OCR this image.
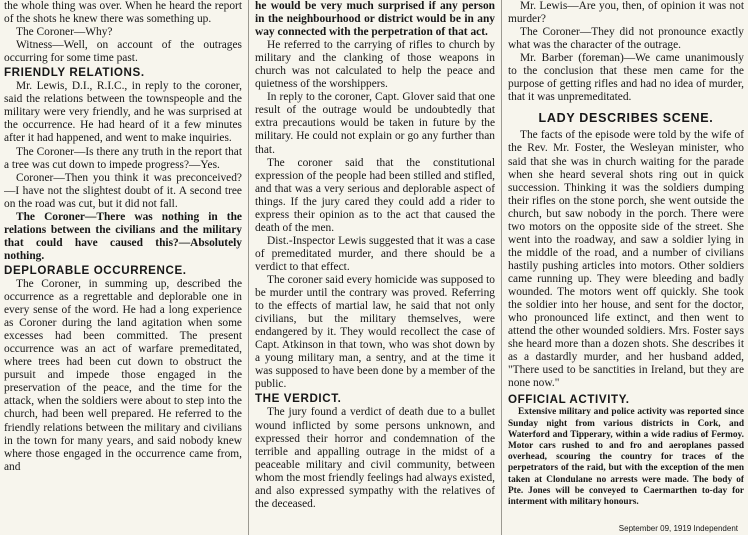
the whole thing was over. When he heard the report of the shots he knew there was something up.

The Coroner—Why?

Witness—Well, on account of the outrages occurring for some time past.

FRIENDLY RELATIONS.

Mr. Lewis, D.I., R.I.C., in reply to the coroner, said the relations between the townspeople and the military were very friendly, and he was surprised at the occurrence. He had heard of it a few minutes after it had happened, and went to make inquiries.

The Coroner—Is there any truth in the report that a tree was cut down to impede progress?—Yes.

Coroner—Then you think it was preconceived?—I have not the slightest doubt of it. A second tree on the road was cut, but it did not fall.

The Coroner—There was nothing in the relations between the civilians and the military that could have caused this?—Absolutely nothing.

DEPLORABLE OCCURRENCE.

The Coroner, in summing up, described the occurrence as a regrettable and deplorable one in every sense of the word. He had a long experience as Coroner during the land agitation when some excesses had been committed. The present occurrence was an act of warfare premeditated, where trees had been cut down to obstruct the pursuit and impede those engaged in the preservation of the peace, and the time for the attack, when the soldiers were about to step into the church, had been well prepared. He referred to the friendly relations between the military and civilians in the town for many years, and said nobody knew where those engaged in the occurrence came from, and

he would be very much surprised if any person in the neighbourhood or district would be in any way connected with the perpetration of that act.

He referred to the carrying of rifles to church by military and the clanking of those weapons in church was not calculated to help the peace and quietness of the worshippers.

In reply to the coroner, Capt. Glover said that one result of the outrage would be undoubtedly that extra precautions would be taken in future by the military. He could not explain or go any further than that.

The coroner said that the constitutional expression of the people had been stilled and stifled, and that was a very serious and deplorable aspect of things. If the jury cared they could add a rider to express their opinion as to the act that caused the death of the men.

Dist.-Inspector Lewis suggested that it was a case of premeditated murder, and there should be a verdict to that effect.

The coroner said every homicide was supposed to be murder until the contrary was proved. Referring to the effects of martial law, he said that not only civilians, but the military themselves, were endangered by it. They would recollect the case of Capt. Atkinson in that town, who was shot down by a young military man, a sentry, and at the time it was supposed to have been done by a member of the public.

THE VERDICT.

The jury found a verdict of death due to a bullet wound inflicted by some persons unknown, and expressed their horror and condemnation of the terrible and appalling outrage in the midst of a peaceable military and civil community, between whom the most friendly feelings had always existed, and also expressed sympathy with the relatives of the deceased.

Mr. Lewis—Are you, then, of opinion it was not murder?

The Coroner—They did not pronounce exactly what was the character of the outrage.

Mr. Barber (foreman)—We came unanimously to the conclusion that these men came for the purpose of getting rifles and had no idea of murder, that it was unpremeditated.

LADY DESCRIBES SCENE.

The facts of the episode were told by the wife of the Rev. Mr. Foster, the Wesleyan minister, who said that she was in church waiting for the parade when she heard several shots ring out in quick succession. Thinking it was the soldiers dumping their rifles on the stone porch, she went outside the church, but saw nobody in the porch. There were two motors on the opposite side of the street. She went into the roadway, and saw a soldier lying in the middle of the road, and a number of civilians hastily pushing articles into motors. Other soldiers came running up. They were bleeding and badly wounded. The motors went off quickly. She took the soldier into her house, and sent for the doctor, who pronounced life extinct, and then went to attend the other wounded soldiers. Mrs. Foster says she heard more than a dozen shots. She describes it as a dastardly murder, and her husband added, "There used to be sanctities in Ireland, but they are none now."

OFFICIAL ACTIVITY.

Extensive military and police activity was reported since Sunday night from various districts in Cork, and Waterford and Tipperary, within a wide radius of Fermoy. Motor cars rushed to and fro and aeroplanes passed overhead, scouring the country for traces of the perpetrators of the raid, but with the exception of the men taken at Clondulane no arrests were made. The body of Pte. Jones will be conveyed to Caermarthen to-day for interment with military honours.

September 09, 1919 Independent
